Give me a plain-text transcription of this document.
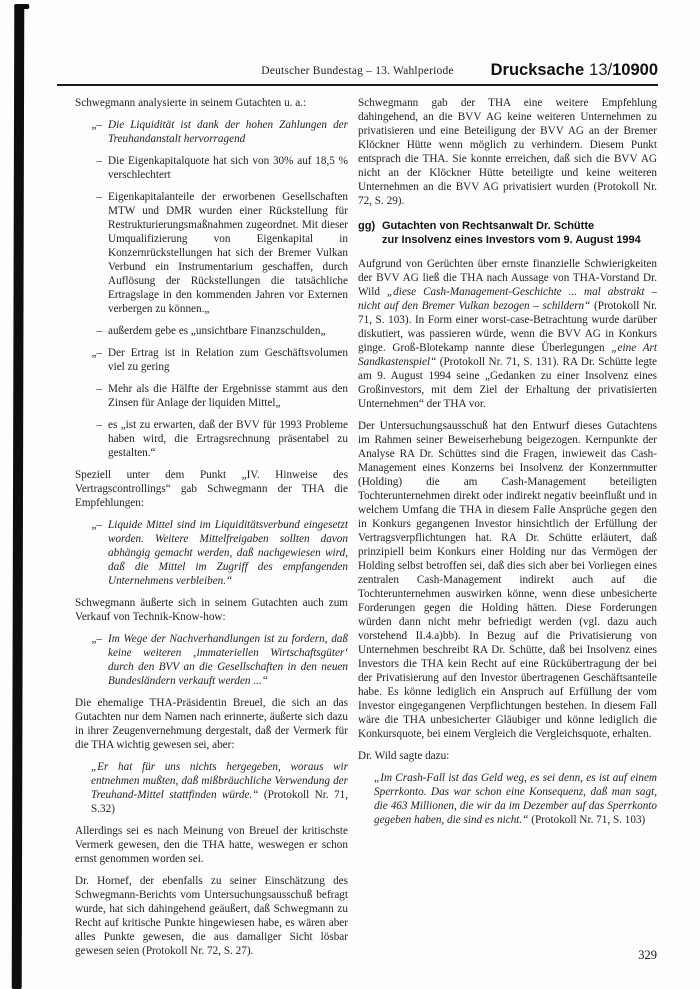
Deutscher Bundestag – 13. Wahlperiode	Drucksache 13/10900
Schwegmann analysierte in seinem Gutachten u. a.:
„– Die Liquidität ist dank der hohen Zahlungen der Treuhandanstalt hervorragend
– Die Eigenkapitalquote hat sich von 30% auf 18,5 % verschlechtert
– Eigenkapitalanteile der erworbenen Gesellschaften MTW und DMR wurden einer Rückstellung für Restrukturierungsmaßnahmen zugeordnet. Mit dieser Umqualifizierung von Eigenkapital in Konzernrückstellungen hat sich der Bremer Vulkan Verbund ein Instrumentarium geschaffen, durch Auflösung der Rückstellungen die tatsächliche Ertragslage in den kommenden Jahren vor Externen verbergen zu können.„
– außerdem gebe es „unsichtbare Finanzschulden„
„– Der Ertrag ist in Relation zum Geschäftsvolumen viel zu gering
– Mehr als die Hälfte der Ergebnisse stammt aus den Zinsen für Anlage der liquiden Mittel„
– es „ist zu erwarten, daß der BVV für 1993 Probleme haben wird, die Ertragsrechnung präsentabel zu gestalten.“
Speziell unter dem Punkt „IV. Hinweise des Vertragscontrollings“ gab Schwegmann der THA die Empfehlungen:
„– Liquide Mittel sind im Liquiditätsverbund eingesetzt worden. Weitere Mittelfreigaben sollten davon abhängig gemacht werden, daß nachgewiesen wird, daß die Mittel im Zugriff des empfangenden Unternehmens verbleiben.“
Schwegmann äußerte sich in seinem Gutachten auch zum Verkauf von Technik-Know-how:
„– Im Wege der Nachverhandlungen ist zu fordern, daß keine weiteren ‚immateriellen Wirtschaftsgüter‘ durch den BVV an die Gesellschaften in den neuen Bundesländern verkauft werden ...“
Die ehemalige THA-Präsidentin Breuel, die sich an das Gutachten nur dem Namen nach erinnerte, äußerte sich dazu in ihrer Zeugenvernehmung dergestalt, daß der Vermerk für die THA wichtig gewesen sei, aber:
„Er hat für uns nichts hergegeben, woraus wir entnehmen mußten, daß mißbräuchliche Verwendung der Treuhand-Mittel stattfinden würde.“ (Protokoll Nr. 71, S.32)
Allerdings sei es nach Meinung von Breuel der kritischste Vermerk gewesen, den die THA hatte, weswegen er schon ernst genommen worden sei.
Dr. Hornef, der ebenfalls zu seiner Einschätzung des Schwegmann-Berichts vom Untersuchungsausschuß befragt wurde, hat sich dahingehend geäußert, daß Schwegmann zu Recht auf kritische Punkte hingewiesen habe, es wären aber alles Punkte gewesen, die aus damaliger Sicht lösbar gewesen seien (Protokoll Nr. 72, S. 27).
Schwegmann gab der THA eine weitere Empfehlung dahingehend, an die BVV AG keine weiteren Unternehmen zu privatisieren und eine Beteiligung der BVV AG an der Bremer Klöckner Hütte wenn möglich zu verhindern. Diesem Punkt entsprach die THA. Sie konnte erreichen, daß sich die BVV AG nicht an der Klöckner Hütte beteiligte und keine weiteren Unternehmen an die BVV AG privatisiert wurden (Protokoll Nr. 72, S. 29).
gg) Gutachten von Rechtsanwalt Dr. Schütte
zur Insolvenz eines Investors vom 9. August 1994
Aufgrund von Gerüchten über ernste finanzielle Schwierigkeiten der BVV AG ließ die THA nach Aussage von THA-Vorstand Dr. Wild „diese Cash-Management-Geschichte ... mal abstrakt – nicht auf den Bremer Vulkan bezogen – schildern“ (Protokoll Nr. 71, S. 103). In Form einer worst-case-Betrachtung wurde darüber diskutiert, was passieren würde, wenn die BVV AG in Konkurs ginge. Groß-Blotekamp nannte diese Überlegungen „eine Art Sandkastenspiel“ (Protokoll Nr. 71, S. 131). RA Dr. Schütte legte am 9. August 1994 seine „Gedanken zu einer Insolvenz eines Großinvestors, mit dem Ziel der Erhaltung der privatisierten Unternehmen“ der THA vor.
Der Untersuchungsausschuß hat den Entwurf dieses Gutachtens im Rahmen seiner Beweiserhebung beigezogen. Kernpunkte der Analyse RA Dr. Schüttes sind die Fragen, inwieweit das Cash-Management eines Konzerns bei Insolvenz der Konzernmutter (Holding) die am Cash-Management beteiligten Tochterunternehmen direkt oder indirekt negativ beeinflußt und in welchem Umfang die THA in diesem Falle Ansprüche gegen den in Konkurs gegangenen Investor hinsichtlich der Erfüllung der Vertragsverpflichtungen hat. RA Dr. Schütte erläutert, daß prinzipiell beim Konkurs einer Holding nur das Vermögen der Holding selbst betroffen sei, daß dies sich aber bei Vorliegen eines zentralen Cash-Management indirekt auch auf die Tochterunternehmen auswirken könne, wenn diese unbesicherte Forderungen gegen die Holding hätten. Diese Forderungen würden dann nicht mehr befriedigt werden (vgl. dazu auch vorstehend II.4.a)bb). In Bezug auf die Privatisierung von Unternehmen beschreibt RA Dr. Schütte, daß bei Insolvenz eines Investors die THA kein Recht auf eine Rückübertragung der bei der Privatisierung auf den Investor übertragenen Geschäftsanteile habe. Es könne lediglich ein Anspruch auf Erfüllung der vom Investor eingegangenen Verpflichtungen bestehen. In diesem Fall wäre die THA unbesicherter Gläubiger und könne lediglich die Konkursquote, bei einem Vergleich die Vergleichsquote, erhalten.
Dr. Wild sagte dazu:
„Im Crash-Fall ist das Geld weg, es sei denn, es ist auf einem Sperrkonto. Das war schon eine Konsequenz, daß man sagt, die 463 Millionen, die wir da im Dezember auf das Sperrkonto gegeben haben, die sind es nicht.“ (Protokoll Nr. 71, S. 103)
329
